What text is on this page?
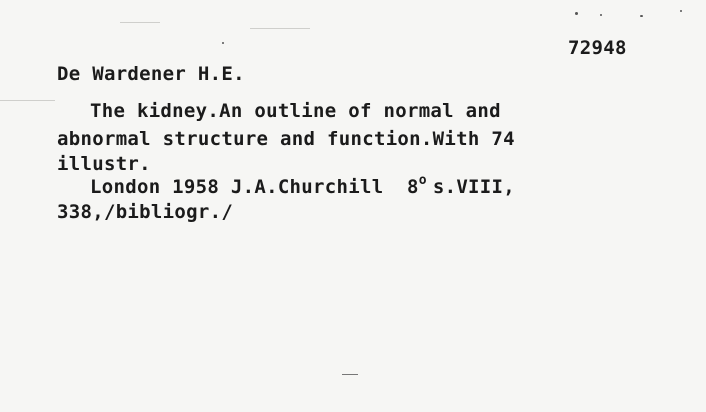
72948
De Wardener H.E.
The kidney.An outline of normal and
abnormal structure and function.With 74
illustr.
London 1958 J.A.Churchill  8o s.VIII,
338,/bibliogr./
